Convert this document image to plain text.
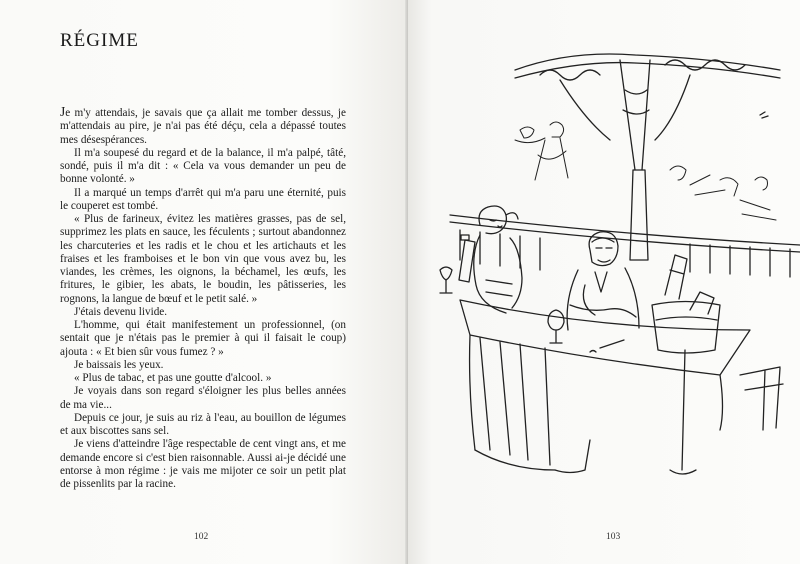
RÉGIME

Je m'y attendais, je savais que ça allait me tomber dessus, je m'attendais au pire, je n'ai pas été déçu, cela a dépassé toutes mes désespérances.

Il m'a soupesé du regard et de la balance, il m'a palpé, tâté, sondé, puis il m'a dit : « Cela va vous demander un peu de bonne volonté. »

Il a marqué un temps d'arrêt qui m'a paru une éternité, puis le couperet est tombé.

« Plus de farineux, évitez les matières grasses, pas de sel, supprimez les plats en sauce, les féculents ; surtout abandonnez les charcuteries et les radis et le chou et les artichauts et les fraises et les framboises et le bon vin que vous avez bu, les viandes, les crèmes, les oignons, la béchamel, les œufs, les fritures, le gibier, les abats, le boudin, les pâtisseries, les rognons, la langue de bœuf et le petit salé. »

J'étais devenu livide.

L'homme, qui était manifestement un professionnel, (on sentait que je n'étais pas le premier à qui il faisait le coup) ajouta : « Et bien sûr vous fumez ? »

Je baissais les yeux.

« Plus de tabac, et pas une goutte d'alcool. »

Je voyais dans son regard s'éloigner les plus belles années de ma vie...

Depuis ce jour, je suis au riz à l'eau, au bouillon de légumes et aux biscottes sans sel.

Je viens d'atteindre l'âge respectable de cent vingt ans, et me demande encore si c'est bien raisonnable. Aussi ai-je décidé une entorse à mon régime : je vais me mijoter ce soir un petit plat de pissenlits par la racine.

102	103
